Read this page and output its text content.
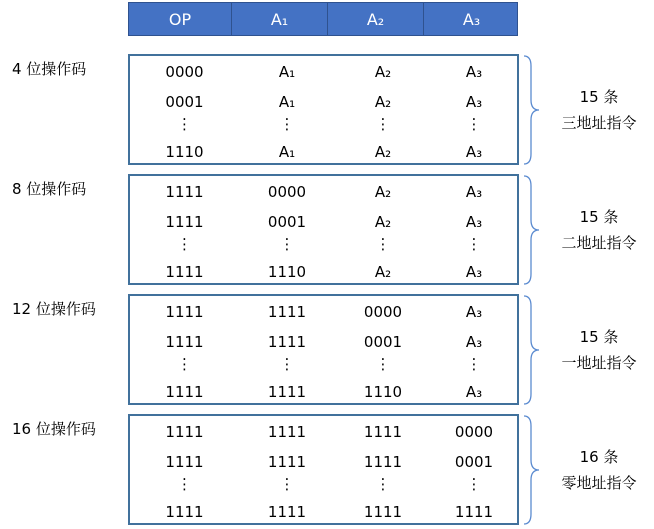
OP	A₁	A₂	A₃
4 位操作码	0000	A₁	A₂	A₃
0001	A₁	A₂	A₃
⋮	⋮	⋮	⋮
1110	A₁	A₂	A₃
15 条
三地址指令
8 位操作码	1111	0000	A₂	A₃
1111	0001	A₂	A₃
⋮	⋮	⋮	⋮
1111	1110	A₂	A₃
15 条
二地址指令
12 位操作码	1111	1111	0000	A₃
1111	1111	0001	A₃
⋮	⋮	⋮	⋮
1111	1111	1110	A₃
15 条
一地址指令
16 位操作码	1111	1111	1111	0000
1111	1111	1111	0001
⋮	⋮	⋮	⋮
1111	1111	1111	1111
16 条
零地址指令
